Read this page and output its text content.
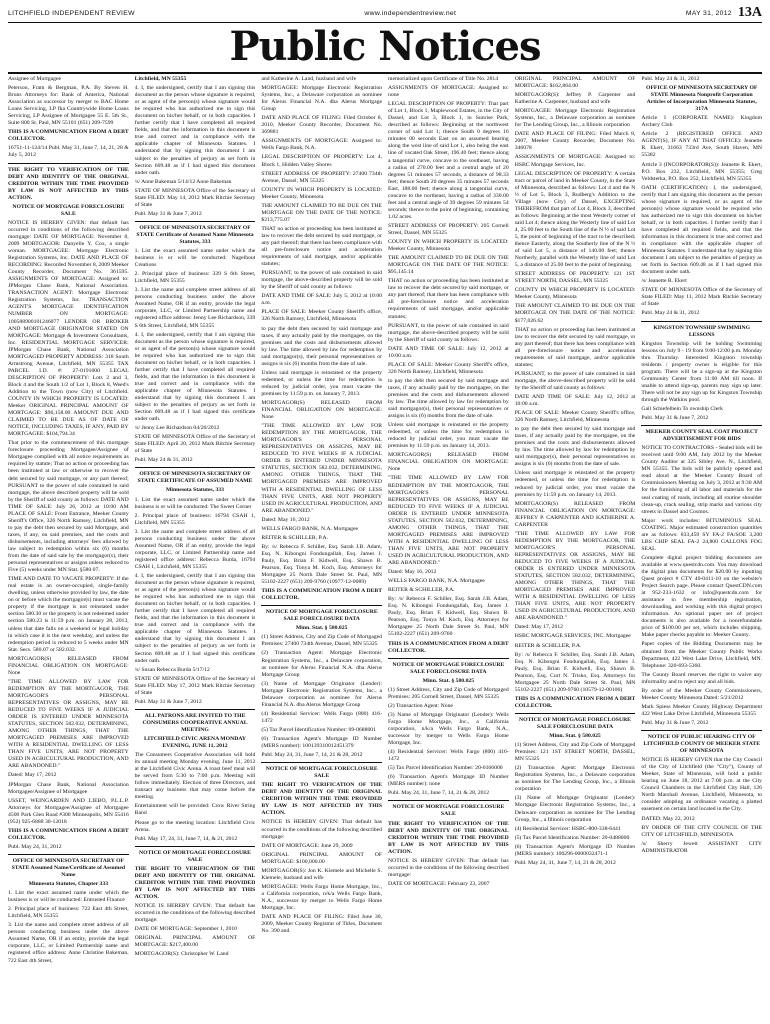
LITCHFIELD INDEPENDENT REVIEW	www.independentreview.net	MAY 31, 2012 13A
Public Notices

Assignee of Mortgagee

Peterson, Fram & Bergman, P.A. By Steven H. Bruns Attorneys for: Bank of America, National Association as successor by merger to BAC Home Loans Servicing, LP fka Countrywide Home Loans Servicing, LP Assignee of Mortgagee 55 E. 5th St., Suite 800 St. Paul, MN 55101 (651) 209-7599

THIS IS A COMMUNICATION FROM A DEBT COLLECTOR.

16751-11-124/14 Publ. May 31, June 7, 14, 21, 28 & July 5, 2012

THE RIGHT TO VERIFICATION OF THE DEBT AND IDENTITY OF THE ORIGINAL CREDITOR WITHIN THE TIME PROVIDED BY LAW IS NOT AFFECTED BY THIS ACTION.

NOTICE OF MORTGAGE FORECLOSURE SALE

NOTICE IS HEREBY GIVEN: that default has occurred in conditions of the following described mortgage: DATE OF MORTGAGE: November 8, 2009 MORTGAGOR: Danyelle Y. Cox, a single woman. MORTGAGEE: Mortgage Electronic Registration Systems, Inc. DATE AND PLACE OF RECORDING: Recorded November 8, 2009 Meeker County Recorder, Document No. 361595. ASSIGNMENTS OF MORTGAGE: Assigned to: JPMorgan Chase Bank, National Association. TRANSACTION AGENT: Mortgage Electronic Registration Systems, Inc. TRANSACTION AGENT'S MORTGAGE IDENTIFICATION NUMBER ON MORTGAGE: 100588900101246077 LENDER OR BROKER AND MORTGAGE ORIGINATOR STATED ON MORTGAGE: Mortgage & Investment Consultants, Inc. RESIDENTIAL MORTGAGE SERVICER: JPMorgan Chase Bank, National Association MORTGAGED PROPERTY ADDRESS: 318 South Armstrong Avenue, Litchfield, MN 55355 TAX PARCEL I.D. #: 27-0191000 LEGAL DESCRIPTION OF PROPERTY: Lots 2 and 3, Block 4 and the South 1/2 of Lot 1, Block 8, Weed's Addition to the Town (now City) of Litchfield. COUNTY IN WHICH PROPERTY IS LOCATED: Meeker ORIGINAL PRINCIPAL AMOUNT OF MORTGAGE: $96,158.00 AMOUNT DUE AND CLAIMED TO BE DUE AS OF DATE OF NOTICE, INCLUDING TAXES, IF ANY, PAID BY MORTGAGEE: $104,794.34

That prior to the commencement of this mortgage foreclosure proceeding Mortgagee/Assignee of Mortgagee complied with all notice requirements as required by statute; That no action or proceeding has been instituted at law or otherwise to recover the debt secured by said mortgage, or any part thereof; PURSUANT to the power of sale contained in said mortgage, the above described property will be sold by the Sheriff of said county as follows: DATE AND TIME OF SALE: July 26, 2012 at 10:00 AM PLACE OF SALE: Front Entrance, Meeker County Sheriff's Office, 326 North Ramsey, Litchfield, MN to pay the debt then secured by said Mortgage, and taxes, if any, on said premises, and the costs and disbursements, including attorneys' fees allowed by law subject to redemption within six (6) months from the date of said sale by the mortgagor(s), their personal representatives or assigns unless reduced to Five (5) weeks under MN Stat. §580.07.

TIME AND DATE TO VACATE PROPERTY: If the real estate is an owner-occupied, single-family dwelling, unless otherwise provided by law, the date on or before which the mortgagor(s) must vacate the property if the mortgage is not reinstated under section 580.30 or the property is not redeemed under section 580.23 is 11:59 p.m. on January 28, 2013, unless that date falls on a weekend or legal holiday in which case it is the next weekday, and unless the redemption period is reduced to 5 weeks under MN Stat. Secs. 580.07 or 582.032.

MORTGAGOR(S) RELEASED FROM FINANCIAL OBLIGATION ON MORTGAGE: None

"THE TIME ALLOWED BY LAW FOR REDEMPTION BY THE MORTGAGOR, THE MORTGAGOR'S PERSONAL REPRESENTATIVES OR ASSIGNS, MAY BE REDUCED TO FIVE WEEKS IF A JUDICIAL ORDER IS ENTERED UNDER MINNESOTA STATUTES, SECTION 582.032, DETERMINING, AMONG OTHER THINGS, THAT THE MORTGAGED PREMISES ARE IMPROVED WITH A RESIDENTIAL DWELLING OF LESS THAN FIVE UNITS, ARE NOT PROPERTY USED IN AGRICULTURAL PRODUCTION, AND ARE ABANDONED."

Dated: May 17, 2012

JPMorgan Chase Bank, National Association Mortgagee/Assignee of Mortgagee

USSET, WEINGARDEN AND LIEBO, P.L.L.P. Attorneys for Mortgagee/Assignee of Mortgagee 4500 Park Glen Road #300 Minneapolis, MN 55416 (952) 925-6888 30-12018

THIS IS A COMMUNICATION FROM A DEBT COLLECTOR.

Publ. May 24, 31, 2012

OFFICE OF MINNESOTA SECRETARY OF STATE Assumed Name/Certificate of Assumed Name

Minnesota Statutes, Chapter 333

1. List the exact assumed name under which the business is or will be conducted: Entrusted Finance

2. Principal place of business: 722 East 4th Street, Litchfield, MN 55355

3. List the name and complete street address of all persons conducting business under the above Assumed Name, OR if an entity, provide the legal corporate, LLC, or Limited Partnership name and registered office address: Anne Christine Bakeman, 722 East 4th Street,

Litchfield, MN 55355

4. I, the undersigned, certify that I am signing this document as the person whose signature is required, or as agent of the person(s) whose signature would be required who has authorized me to sign this document on his/her behalf, or in both capacities. I further certify that I have completed all required fields, and that the information in this document is true and correct and in compliance with the applicable chapter of Minnesota Statutes. I understand that by signing this document I am subject to the penalties of perjury as set forth in Section 609.48 as if I had signed this document under oath.

/s/ Anne Bakeman 5/14/12 Anne Bakeman

STATE OF MINNESOTA Office of the Secretary of State FILED: May 14, 2012 Mark Ritchie Secretary of State

Publ. May 31 & June 7, 2012

OFFICE OF MINNESOTA SECRETARY OF STATE Certificate of Assumed Name Minnesota Statutes, 333

1. List the exact assumed name under which the business is or will be conducted: Nagelhout Creations

2. Principal place of business: 339 S 6th Street, Litchfield, MN 55355

3. List the name and complete street address of all persons conducting business under the above Assumed Name, OR if an entity, provide the legal corporate, LLC, or Limited Partnership name and registered office address: Jenny Lee Richardson, 339 S 6th Street, Litchfield, MN 55355

4. I, the undersigned, certify that I am signing this document as the person whose signature is required, or as agent of the person(s) whose signature would be required who has authorized me to sign this document on his/her behalf, or in both capacities. I further certify that I have completed all required fields, and that the information in this document is true and correct and in compliance with the applicable chapter of Minnesota Statutes. I understand that by signing this document I am subject to the penalties of perjury as set forth in Section 609.48 as if I had signed this certificate under oath.

/s/ Jenny Lee Richardson 04/20/2012

STATE OF MINNESOTA Office of the Secretary of State FILED: April 20, 2012 Mark Ritchie Secretary of State

Publ. May 24 & 31, 2012

OFFICE OF MINNESOTA SECRETARY OF STATE CERTIFICATE OF ASSUMED NAME

Minnesota Statutes, 333

1. List the exact assumed name under which the business is or will be conducted: The Sweet Corner

2. Principal place of business: 16794 CSAH 1, Litchfield, MN 55355

3. List the name and complete street address of all persons conducting business under the above Assumed Name, OR if an entity, provide the legal corporate, LLC, or Limited Partnership name and registered office address: Rebecca Burda, 16794 CSAH 1, Litchfield, MN 55355

4. I, the undersigned, certify that I am signing this document as the person whose signature is required, or as agent of the person(s) whose signature would be required who has authorized me to sign this document on his/her behalf, or in both capacities. I further certify that I have completed all required fields, and that the information in this document is true and correct and in compliance with the applicable chapter of Minnesota Statutes. I understand that by signing this document I am subject to the penalties of perjury as set forth in Section 609.48 as if I had signed this certificate under oath.

/s/ Susan Rebecca Burda 5/17/12

STATE OF MINNESOTA Office of the Secretary of State FILED: May 17, 2012 Mark Ritchie Secretary of State

Publ. May 31 & June 7, 2012

ALL PATRONS ARE INVITED TO THE CONSUMERS COOPERATIVE ANNUAL MEETING

LITCHFIELD CIVIC ARENA MONDAY EVENING, JUNE 11, 2012

The Consumers Cooperative Association will hold its annual meeting Monday evening, June 11, 2012 at the Litchfield Civic Arena. A roast beef meal will be served from 5:30 to 7:00 p.m. Meeting will follow immediately. Election of three Directors, and transact any business that may come before the meeting.

Entertainment will be provided: Crow River String Band

Please go to the meeting location: Litchfield Civic Arena.

Publ. May 17, 24, 31, June 7, 14, & 21, 2012

NOTICE OF MORTGAGE FORECLOSURE SALE

THE RIGHT TO VERIFICATION OF THE DEBT AND IDENTITY OF THE ORIGINAL CREDITOR WITHIN THE TIME PROVIDED BY LAW IS NOT AFFECTED BY THIS ACTION.

NOTICE IS HEREBY GIVEN: That default has occurred in the conditions of the following described mortgage:

DATE OF MORTGAGE: September 1, 2010

ORIGINAL PRINCIPAL AMOUNT OF MORTGAGE: $217,400.00

MORTGAGOR(S): Christopher W. Land

and Katherine A. Land, husband and wife

MORTGAGEE: Mortgage Electronic Registration Systems, Inc., a Delaware corporation as nominee for Alerus Financial N.A. dba Alerus Mortgage Group

DATE AND PLACE OF FILING: Filed October 8, 2010, Meeker County Recorder, Document No. 369881

ASSIGNMENTS OF MORTGAGE: Assigned to: Wells Fargo Bank, N.A.

LEGAL DESCRIPTION OF PROPERTY: Lot 4, Block 1, Hidden Valley Shores

STREET ADDRESS OF PROPERTY: 27400 734th Avenue, Dassel, MN 55325

COUNTY IN WHICH PROPERTY IS LOCATED: Meeker County, Minnesota

THE AMOUNT CLAIMED TO BE DUE ON THE MORTGAGE ON THE DATE OF THE NOTICE: $213,775.07

THAT no action or proceeding has been instituted at law to recover the debt secured by said mortgage, or any part thereof; that there has been compliance with all pre-foreclosure notice and acceleration requirements of said mortgage, and/or applicable statutes;

PURSUANT, to the power of sale contained in said mortgage, the above-described property will be sold by the Sheriff of said county as follows:

DATE AND TIME OF SALE: July 5, 2012 at 10:00 a.m.

PLACE OF SALE: Meeker County Sheriff's office, 326 North Ramsey, Litchfield, Minnesota

to pay the debt then secured by said mortgage and taxes, if any actually paid by the mortgagee, on the premises and the costs and disbursements allowed by law. The time allowed by law for redemption by said mortgagor(s), their personal representatives or assigns is six (6) months from the date of sale.

Unless said mortgage is reinstated or the property redeemed, or unless the time for redemption is reduced by judicial order, you must vacate the premises by 11:59 p.m. on January 7, 2013.

MORTGAGOR(S) RELEASED FROM FINANCIAL OBLIGATION ON MORTGAGE: None

"THE TIME ALLOWED BY LAW FOR REDEMPTION BY THE MORTGAGOR, THE MORTGAGOR'S PERSONAL REPRESENTATIVES OR ASSIGNS, MAY BE REDUCED TO FIVE WEEKS IF A JUDICIAL ORDER IS ENTERED UNDER MINNESOTA STATUTES, SECTION 582.032, DETERMINING, AMONG OTHER THINGS, THAT THE MORTGAGED PREMISES ARE IMPROVED WITH A RESIDENTIAL DWELLING OF LESS THAN FIVE UNITS, ARE NOT PROPERTY USED IN AGRICULTURAL PRODUCTION, AND ARE ABANDONED."

Dated: May 16, 2012

WELLS FARGO BANK, N.A. Mortgagee

REITER & SCHILLER, P.A.

By: /s/ Rebecca F. Schiller, Esq. Sarah J.B. Adam, Esq. N. Kibongni Fondungallah, Esq. James J. Pauly, Esq. Brian F. Kidwell, Esq. Shawn B. Pearson, Esq. Tonya M. Koch, Esq. Attorneys for Mortgagee 25 North Dale Street St. Paul, MN 55102-2227 (651) 209-9760 (10977-12-0089)

THIS IS A COMMUNICATION FROM A DEBT COLLECTOR.

NOTICE OF MORTGAGE FORECLOSURE SALE FORECLOSURE DATA

Minn. Stat. § 580.025

(1) Street Address, City and Zip Code of Mortgaged Premises: 27400 734th Avenue, Dassel, MN 55325

(2) Transaction Agent: Mortgage Electronic Registration Systems, Inc., a Delaware corporation, as nominee for Alerus Financial N.A. dba Alerus Mortgage Group

(3) Name of Mortgage Originator (Lender): Mortgage Electronic Registration Systems, Inc., a Delaware corporation as nominee for Alerus Financial N.A. dba Alerus Mortgage Group

(4) Residential Servicer: Wells Fargo (800) 416-1472

(5) Tax Parcel Identification Number: 09-0688001

(6) Transaction Agent's Mortgage ID Number (MERS number): 100139310012451379

Publ. May 24, 31, June 7, 14, 21 & 28, 2012

NOTICE OF MORTGAGE FORECLOSURE SALE

THE RIGHT TO VERIFICATION OF THE DEBT AND IDENTITY OF THE ORIGINAL CREDITOR WITHIN THE TIME PROVIDED BY LAW IS NOT AFFECTED BY THIS ACTION.

NOTICE IS HEREBY GIVEN: That default has occurred in the conditions of the following described mortgage:

DATE OF MORTGAGE: June 29, 2009

ORIGINAL PRINCIPAL AMOUNT OF MORTGAGE: $100,000.00

MORTGAGOR(S): Jon K. Kiemele and Michelle S. Kiemele, husband and wife

MORTGAGEE: Wells Fargo Home Mortgage, Inc., a California corporation, n/k/a Wells Fargo Bank, N.A., successor by merger to Wells Fargo Home Mortgage, Inc.

DATE AND PLACE OF FILING: Filed June 30, 2009, Meeker County Registrar of Titles, Document No. 390 and

memorialized upon Certificate of Title No. 2814

ASSIGNMENTS OF MORTGAGE: Assigned to: none

LEGAL DESCRIPTION OF PROPERTY: That part of Lot 1, Block 1, Maplewood Estates, in the City of Dassel, and Lot 3, Block 1, in Sunrise Park, described as follows: Beginning at the northwest corner of said Lot 1; thence South 0 degrees 16 minutes 00 seconds East on an assumed bearing along the west line of said Lot 1, also being the east line of vacated Oak Street, 196.40 feet; thence along a tangential curve, concave to the southeast, having a radius of 270.00 feet and a central angle of 20 degrees 51 minutes 57 seconds, a distance of 98.33 feet; thence South 20 degrees 35 minutes 57 seconds East, 188.00 feet; thence along a tangential curve, concave to the northeast, having a radius of 330.00 feet and a central angle of 39 degrees 59 minutes 54 seconds; thence to the point of beginning, containing 1.02 acres.

STREET ADDRESS OF PROPERTY: 205 Cornell Street, Dassel, MN 55325

COUNTY IN WHICH PROPERTY IS LOCATED: Meeker County, Minnesota

THE AMOUNT CLAIMED TO BE DUE ON THE MORTGAGE ON THE DATE OF THE NOTICE: $95,145.14

THAT no action or proceeding has been instituted at law to recover the debt secured by said mortgage, or any part thereof; that there has been compliance with all pre-foreclosure notice and acceleration requirements of said mortgage, and/or applicable statutes;

PURSUANT, to the power of sale contained in said mortgage, the above-described property will be sold by the Sheriff of said county as follows:

DATE AND TIME OF SALE: July 12, 2012 at 10:00 a.m.

PLACE OF SALE: Meeker County Sheriff's office, 326 North Ramsey, Litchfield, Minnesota

to pay the debt then secured by said mortgage and taxes, if any actually paid by the mortgagee, on the premises and the costs and disbursements allowed by law. The time allowed by law for redemption by said mortgagor(s), their personal representatives or assigns is six (6) months from the date of sale.

Unless said mortgage is reinstated or the property redeemed, or unless the time for redemption is reduced by judicial order, you must vacate the premises by 11:59 p.m. on January 14, 2013.

MORTGAGOR(S) RELEASED FROM FINANCIAL OBLIGATION ON MORTGAGE: None

"THE TIME ALLOWED BY LAW FOR REDEMPTION BY THE MORTGAGOR, THE MORTGAGOR'S PERSONAL REPRESENTATIVES OR ASSIGNS, MAY BE REDUCED TO FIVE WEEKS IF A JUDICIAL ORDER IS ENTERED UNDER MINNESOTA STATUTES, SECTION 582.032, DETERMINING, AMONG OTHER THINGS, THAT THE MORTGAGED PREMISES ARE IMPROVED WITH A RESIDENTIAL DWELLING OF LESS THAN FIVE UNITS, ARE NOT PROPERTY USED IN AGRICULTURAL PRODUCTION, AND ARE ABANDONED."

Dated: May 16, 2012

WELLS FARGO BANK, N.A. Mortgagee

REITER & SCHILLER, P.A.

By: /s/ Rebecca F. Schiller, Esq. Sarah J.B. Adam, Esq. N. Kibongni Fondungallah, Esq. James J. Pauly, Esq. Brian F. Kidwell, Esq. Shawn B. Pearson, Esq. Tonya M. Koch, Esq. Attorneys for Mortgagee 25 North Dale Street St. Paul, MN 55102-2227 (651) 209-9760

THIS IS A COMMUNICATION FROM A DEBT COLLECTOR.

NOTICE OF MORTGAGE FORECLOSURE SALE FORECLOSURE DATA

Minn. Stat. § 580.025

(1) Street Address, City and Zip Code of Mortgaged Premises: 205 Cornell Street, Dassel, MN 55325

(2) Transaction Agent: None

(3) Name of Mortgage Originator (Lender): Wells Fargo Home Mortgage, Inc., a California corporation, n/k/a Wells Fargo Bank, N.A., successor by merger to Wells Fargo Home Mortgage, Inc.

(4) Residential Servicer: Wells Fargo (800) 416-1472

(5) Tax Parcel Identification Number: 20-0166000

(6) Transaction Agent's Mortgage ID Number (MERS number): none

Publ. May 24, 31, June 7, 14, 21 & 28, 2012

NOTICE OF MORTGAGE FORECLOSURE SALE

THE RIGHT TO VERIFICATION OF THE DEBT AND IDENTITY OF THE ORIGINAL CREDITOR WITHIN THE TIME PROVIDED BY LAW IS NOT AFFECTED BY THIS ACTION.

NOTICE IS HEREBY GIVEN: That default has occurred in the conditions of the following described mortgage:

DATE OF MORTGAGE: February 23, 2007

ORIGINAL PRINCIPAL AMOUNT OF MORTGAGE: $162,864.00

MORTGAGOR(S): Jeffrey P. Carpenter and Katherine A. Carpenter, husband and wife

MORTGAGEE: Mortgage Electronic Registration Systems, Inc., a Delaware corporation as nominee for The Lending Group, Inc., a Illinois corporation

DATE AND PLACE OF FILING: Filed March 8, 2007, Meeker County Recorder, Document No. 346078

ASSIGNMENTS OF MORTGAGE: Assigned to: HSBC Mortgage Services, Inc.

LEGAL DESCRIPTION OF PROPERTY: A certain tract or parcel of land in Meeker County, in the State of Minnesota, described as follows: Lot 4 and the N ½ of Lot 5, Block 3, Rudberg's Addition to the Village (now City) of Dassel, EXCEPTING THEREFROM that part of Lot 4, Block 3, described as follows: Beginning at the most Westerly corner of said Lot 4; thence along the Westerly line of said Lot 4, 25.00 feet to the South line of the N ½ of said Lot 5, the point of beginning of the tract to be described; thence Easterly, along the Southerly line of the N ½ of said Lot 5, a distance of 140.00 feet; thence Northerly, parallel with the Westerly line of said Lot 5, a distance of 25.00 feet to the point of beginning.

STREET ADDRESS OF PROPERTY: 121 1ST STREET NORTH, DASSEL, MN 55325

COUNTY IN WHICH PROPERTY IS LOCATED: Meeker County, Minnesota

THE AMOUNT CLAIMED TO BE DUE ON THE MORTGAGE ON THE DATE OF THE NOTICE: $177,026.62

THAT no action or proceeding has been instituted at law to recover the debt secured by said mortgage, or any part thereof; that there has been compliance with all pre-foreclosure notice and acceleration requirements of said mortgage, and/or applicable statutes;

PURSUANT, to the power of sale contained in said mortgage, the above-described property will be sold by the Sheriff of said county as follows:

DATE AND TIME OF SALE: July 12, 2012 at 10:00 a.m.

PLACE OF SALE: Meeker County Sheriff's office, 326 North Ramsey, Litchfield, Minnesota

to pay the debt then secured by said mortgage and taxes, if any actually paid by the mortgagee, on the premises and the costs and disbursements allowed by law. The time allowed by law for redemption by said mortgagor(s), their personal representatives or assigns is six (6) months from the date of sale.

Unless said mortgage is reinstated or the property redeemed, or unless the time for redemption is reduced by judicial order, you must vacate the premises by 11:59 p.m. on January 14, 2013.

MORTGAGOR(S) RELEASED FROM FINANCIAL OBLIGATION ON MORTGAGE: JEFFREY P. CARPENTER AND KATHERINE A. CARPENTER

"THE TIME ALLOWED BY LAW FOR REDEMPTION BY THE MORTGAGOR, THE MORTGAGOR'S PERSONAL REPRESENTATIVES OR ASSIGNS, MAY BE REDUCED TO FIVE WEEKS IF A JUDICIAL ORDER IS ENTERED UNDER MINNESOTA STATUTES, SECTION 582.032, DETERMINING, AMONG OTHER THINGS, THAT THE MORTGAGED PREMISES ARE IMPROVED WITH A RESIDENTIAL DWELLING OF LESS THAN FIVE UNITS, ARE NOT PROPERTY USED IN AGRICULTURAL PRODUCTION, AND ARE ABANDONED."

Dated: May 17, 2012

HSBC MORTGAGE SERVICES, INC. Mortgagee

REITER & SCHILLER, P.A.

By: /s/ Rebecca F. Schiller, Esq. Sarah J.B. Adam, Esq. N. Kibongni Fondungallah, Esq. James J. Pauly, Esq. Brian F. Kidwell, Esq. Shawn B. Pearson, Esq. Curt N. Trisko, Esq. Attorneys for Mortgagee 25 North Dale Street St. Paul, MN 55102-2227 (651) 209-9760 (10579-12-00106)

THIS IS A COMMUNICATION FROM A DEBT COLLECTOR.

NOTICE OF MORTGAGE FORECLOSURE SALE FORECLOSURE DATA

Minn. Stat. § 580.025

(1) Street Address, City and Zip Code of Mortgaged Premises: 121 1ST STREET NORTH, DASSEL, MN 55325

(2) Transaction Agent: Mortgage Electronic Registration Systems, Inc., a Delaware corporation as nominee for The Lending Group, Inc., a Illinois corporation

(3) Name of Mortgage Originator (Lender): Mortgage Electronic Registration Systems, Inc., a Delaware corporation as nominee for The Lending Group, Inc., a Illinois corporation

(4) Residential Servicer: HSBC-800-338-6441

(5) Tax Parcel Identification Number: 20-0488000

(6) Transaction Agent's Mortgage ID Number (MERS number): 100296-0000032471-1

Publ. May 24, 31, June 7, 14, 21 & 28, 2012

Publ. May 24 & 31, 2012

OFFICE OF MINNESOTA SECRETARY OF STATE Minnesota Nonprofit Corporation Articles of Incorporation Minnesota Statutes, 317A

Article 1 (CORPORATE NAME): Kingdom Archery Club

Article 2 (REGISTERED OFFICE AND AGENT(S), IF ANY AT THAT OFFICE): Jeanette R. Ekert, 31663 733rd Ave, South Haven, MN 55382

Article 3 (INCORPORATOR(S)): Jeanette R. Ekert, P.O. Box 232, Litchfield, MN 55355; Greg Veldsterka, P.O. Box 252, Litchfield, MN 55355

OATH (CERTIFICATION): I, the undersigned, certify that I am signing this document as the person whose signature is required, or as agent of the person(s) whose signature would be required who has authorized me to sign this document on his/her behalf, or in both capacities. I further certify that I have completed all required fields, and that the information in this document is true and correct and in compliance with the applicable chapter of Minnesota Statutes. I understand that by signing this document I am subject to the penalties of perjury as set forth in Section 609.48 as if I had signed this document under oath.

/s/ Jeanette R. Ekert

STATE OF MINNESOTA Office of the Secretary of State FILED: May 11, 2012 Mark Ritchie Secretary of State

Publ. May 24 & 31, 2012

KINGSTON TOWNSHIP SWIMMING LESSONS

Kingston Township will be holding Swimming lessons on July 9 - 19 from 9:00-12:00 p.m. Monday thru Thursday. Interested Kingston township residents / property owner is eligible for this program. There will be a sign-up at the Kingston Community Center from 11:00 AM till noon. If unable to attend sign-up, parents may sign up later. There will not be any sign up for Kingston Township through the Watkins pool.

Gail Schiefelbein To ownship Clerk

Publ. May 31 & June 7, 2012

MEEKER COUNTY SEAL COAT PROJECT ADVERTISEMENT FOR BIDS

NOTICE TO CONTRACTORS - Sealed bids will be received until 9:00 AM, July 2012 by the Meeker County Auditor at 325 Sibley Ave. N., Litchfield, MN 55355. The bids will be publicly opened and read aloud at the Meeker County Board of Commissioners Meeting on July 3, 2012 at 9:30 AM for the furnishing of all labor and materials for the seal coating of roads, including all routine shoulder clean-up, crack sealing, strip marks and various city streets in Dassel and Cosmos.

Major work includes: BITUMINOUS SEAL COATING. Major estimated construction quantities are as follows: 833,459 SY FA-2 FA/SOE 3,200 LBS CHIP SEAL FA-2 24,800 GALLONS FOG SEAL

Complete digital project bidding documents are available at www.questcdn.com. You may download the digital plan documents for $20.00 by inputting Quest project # CTY 40-0411-10 on the website's Project Search page. Please contact QuestCDN.com at 952-233-1632 or info@questcdn.com for assistance in free membership registration, downloading, and working with this digital project information. An optional paper set of project documents is also available for a nonrefundable price of $100.00 per set, which includes shipping. Make paper checks payable to: Meeker County.

Paper copies of the Bidding Documents may be obtained from the Meeker County Public Works Department, 422 West Lake Drive, Litchfield, MN. Telephone: 320-693-5360.

The County Board reserves the right to waive any informality and to reject any and all bids.

By order of the Meeker County Commissioners, Meeker County Minnesota Dated: 5/21/2012

Mark Spiess Meeker County Highway Department 422 West Lake Drive Litchfield, Minnesota 55355

Publ. May 31 & June 7, 2012

NOTICE OF PUBLIC HEARING CITY OF LITCHFIELD COUNTY OF MEEKER STATE OF MINNESOTA

NOTICE IS HEREBY GIVEN that the City Council of the City of Litchfield (the "City"), County of Meeker, State of Minnesota, will hold a public hearing on June 18, 2012 at 7:00 p.m. at the City Council Chambers in the Litchfield City Hall, 126 North Marshall Avenue, Litchfield, Minnesota, to consider adopting an ordinance vacating a platted easement on certain land located in the City.

DATED: May 22, 2012

BY ORDER OF THE CITY COUNCIL OF THE CITY OF LITCHFIELD, MINNESOTA

/s/ Sherry Jewett ASSISTANT CITY ADMINISTRATOR
